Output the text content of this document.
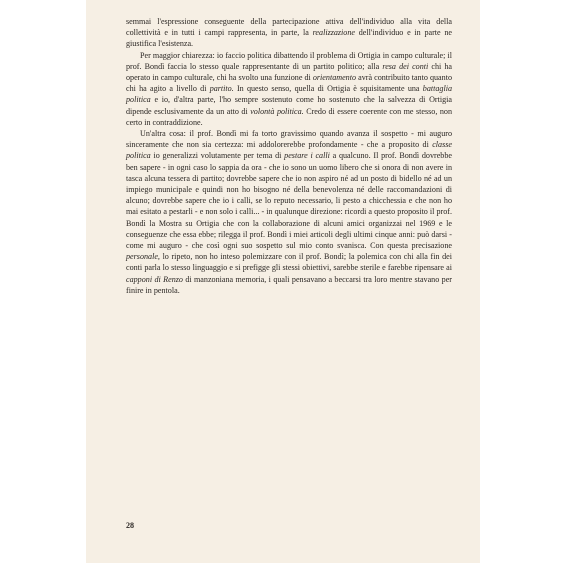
semmai l'espressione conseguente della partecipazione attiva dell'individuo alla vita della collettività e in tutti i campi rappresenta, in parte, la realizzazione dell'individuo e in parte ne giustifica l'esistenza.

Per maggior chiarezza: io faccio politica dibattendo il problema di Ortigia in campo culturale; il prof. Bondì faccia lo stesso quale rappresentante di un partito politico; alla resa dei conti chi ha operato in campo culturale, chi ha svolto una funzione di orientamento avrà contribuito tanto quanto chi ha agito a livello di partito. In questo senso, quella di Ortigia è squisitamente una battaglia politica e io, d'altra parte, l'ho sempre sostenuto come ho sostenuto che la salvezza di Ortigia dipende esclusivamente da un atto di volontà politica. Credo di essere coerente con me stesso, non certo in contraddizione.

Un'altra cosa: il prof. Bondì mi fa torto gravissimo quando avanza il sospetto - mi auguro sinceramente che non sia certezza: mi addolorerebbe profondamente - che a proposito di classe politica io generalizzi volutamente per tema di pestare i calli a qualcuno. Il prof. Bondì dovrebbe ben sapere - in ogni caso lo sappia da ora - che io sono un uomo libero che si onora di non avere in tasca alcuna tessera di partito; dovrebbe sapere che io non aspiro né ad un posto di bidello né ad un impiego municipale e quindi non ho bisogno né della benevolenza né delle raccomandazioni di alcuno; dovrebbe sapere che io i calli, se lo reputo necessario, li pesto a chicchessia e che non ho mai esitato a pestarli - e non solo i calli... - in qualunque direzione: ricordi a questo proposito il prof. Bondì la Mostra su Ortigia che con la collaborazione di alcuni amici organizzai nel 1969 e le conseguenze che essa ebbe; rilegga il prof. Bondì i miei articoli degli ultimi cinque anni: può darsi - come mi auguro - che così ogni suo sospetto sul mio conto svanisca. Con questa precisazione personale, lo ripeto, non ho inteso polemizzare con il prof. Bondì; la polemica con chi alla fin dei conti parla lo stesso linguaggio e si prefigge gli stessi obiettivi, sarebbe sterile e farebbe ripensare ai capponi di Renzo di manzoniana memoria, i quali pensavano a beccarsi tra loro mentre stavano per finire in pentola.

28
